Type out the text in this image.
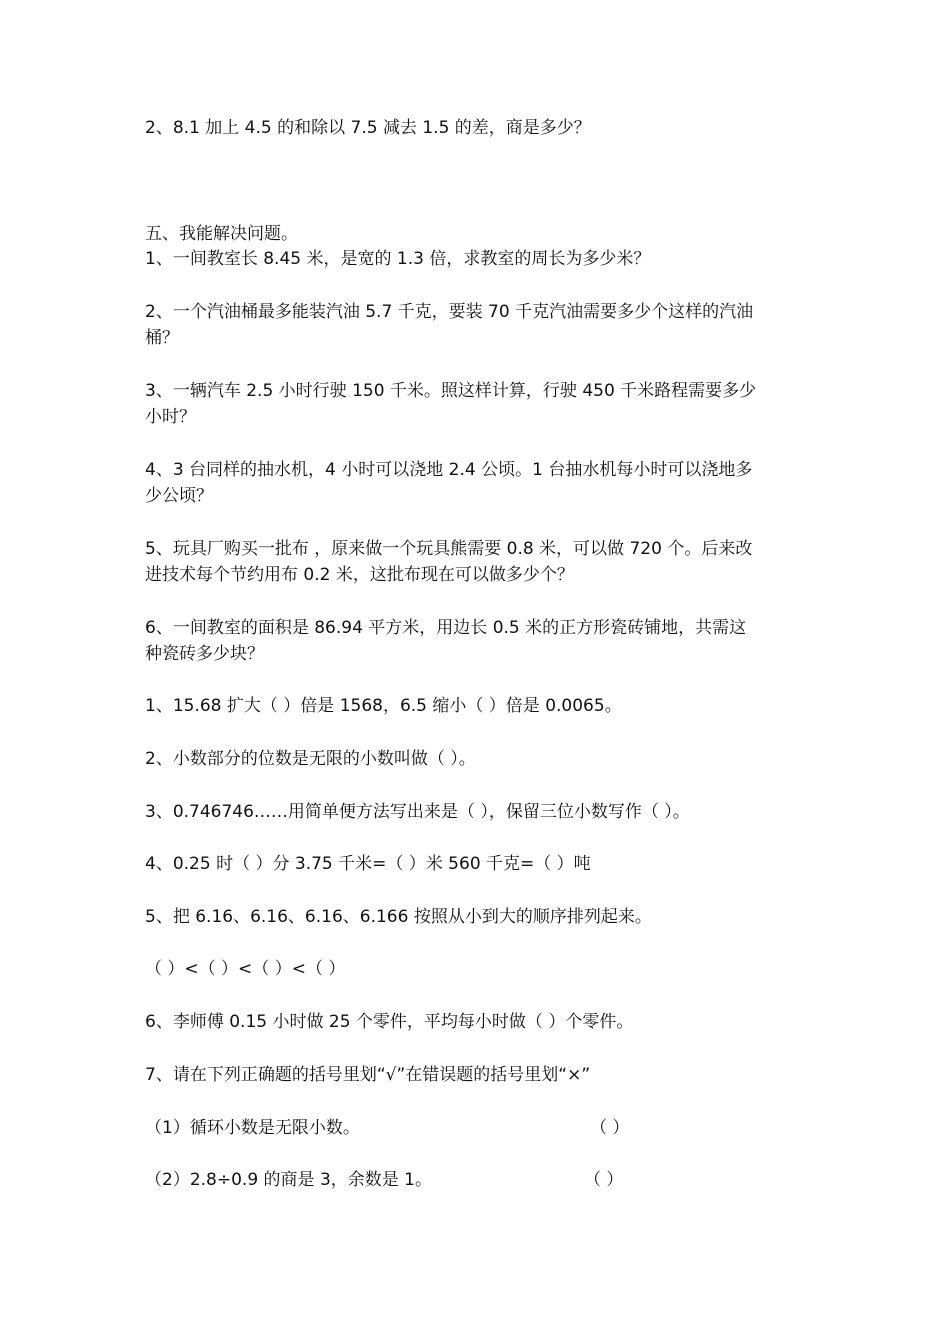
2、8.1 加上 4.5 的和除以 7.5 减去 1.5 的差，商是多少？
五、我能解决问题。
1、一间教室长 8.45 米，是宽的 1.3 倍，求教室的周长为多少米？
2、一个汽油桶最多能装汽油 5.7 千克，要装 70 千克汽油需要多少个这样的汽油
桶？
3、一辆汽车 2.5 小时行驶 150 千米。照这样计算，行驶 450 千米路程需要多少
小时？
4、3 台同样的抽水机，4 小时可以浇地 2.4 公顷。1 台抽水机每小时可以浇地多
少公顷？
5、玩具厂购买一批布 ，原来做一个玩具熊需要 0.8 米，可以做 720 个。后来改
进技术每个节约用布 0.2 米，这批布现在可以做多少个？
6、一间教室的面积是 86.94 平方米，用边长 0.5 米的正方形瓷砖铺地，共需这
种瓷砖多少块？
1、15.68 扩大（ ）倍是 1568，6.5 缩小（ ）倍是 0.0065。
2、小数部分的位数是无限的小数叫做（ ）。
3、0.746746……用简单便方法写出来是（ ），保留三位小数写作（ ）。
4、0.25 时（ ）分 3.75 千米=（ ）米 560 千克=（ ）吨
5、把 6.16、6.16、6.16、6.166 按照从小到大的顺序排列起来。
（ ）<（ ）<（ ）<（ ）
6、李师傅 0.15 小时做 25 个零件，平均每小时做（ ）个零件。
7、请在下列正确题的括号里划“√”在错误题的括号里划“×”
（1）循环小数是无限小数。	（ ）
（2）2.8÷0.9 的商是 3，余数是 1。	（ ）
